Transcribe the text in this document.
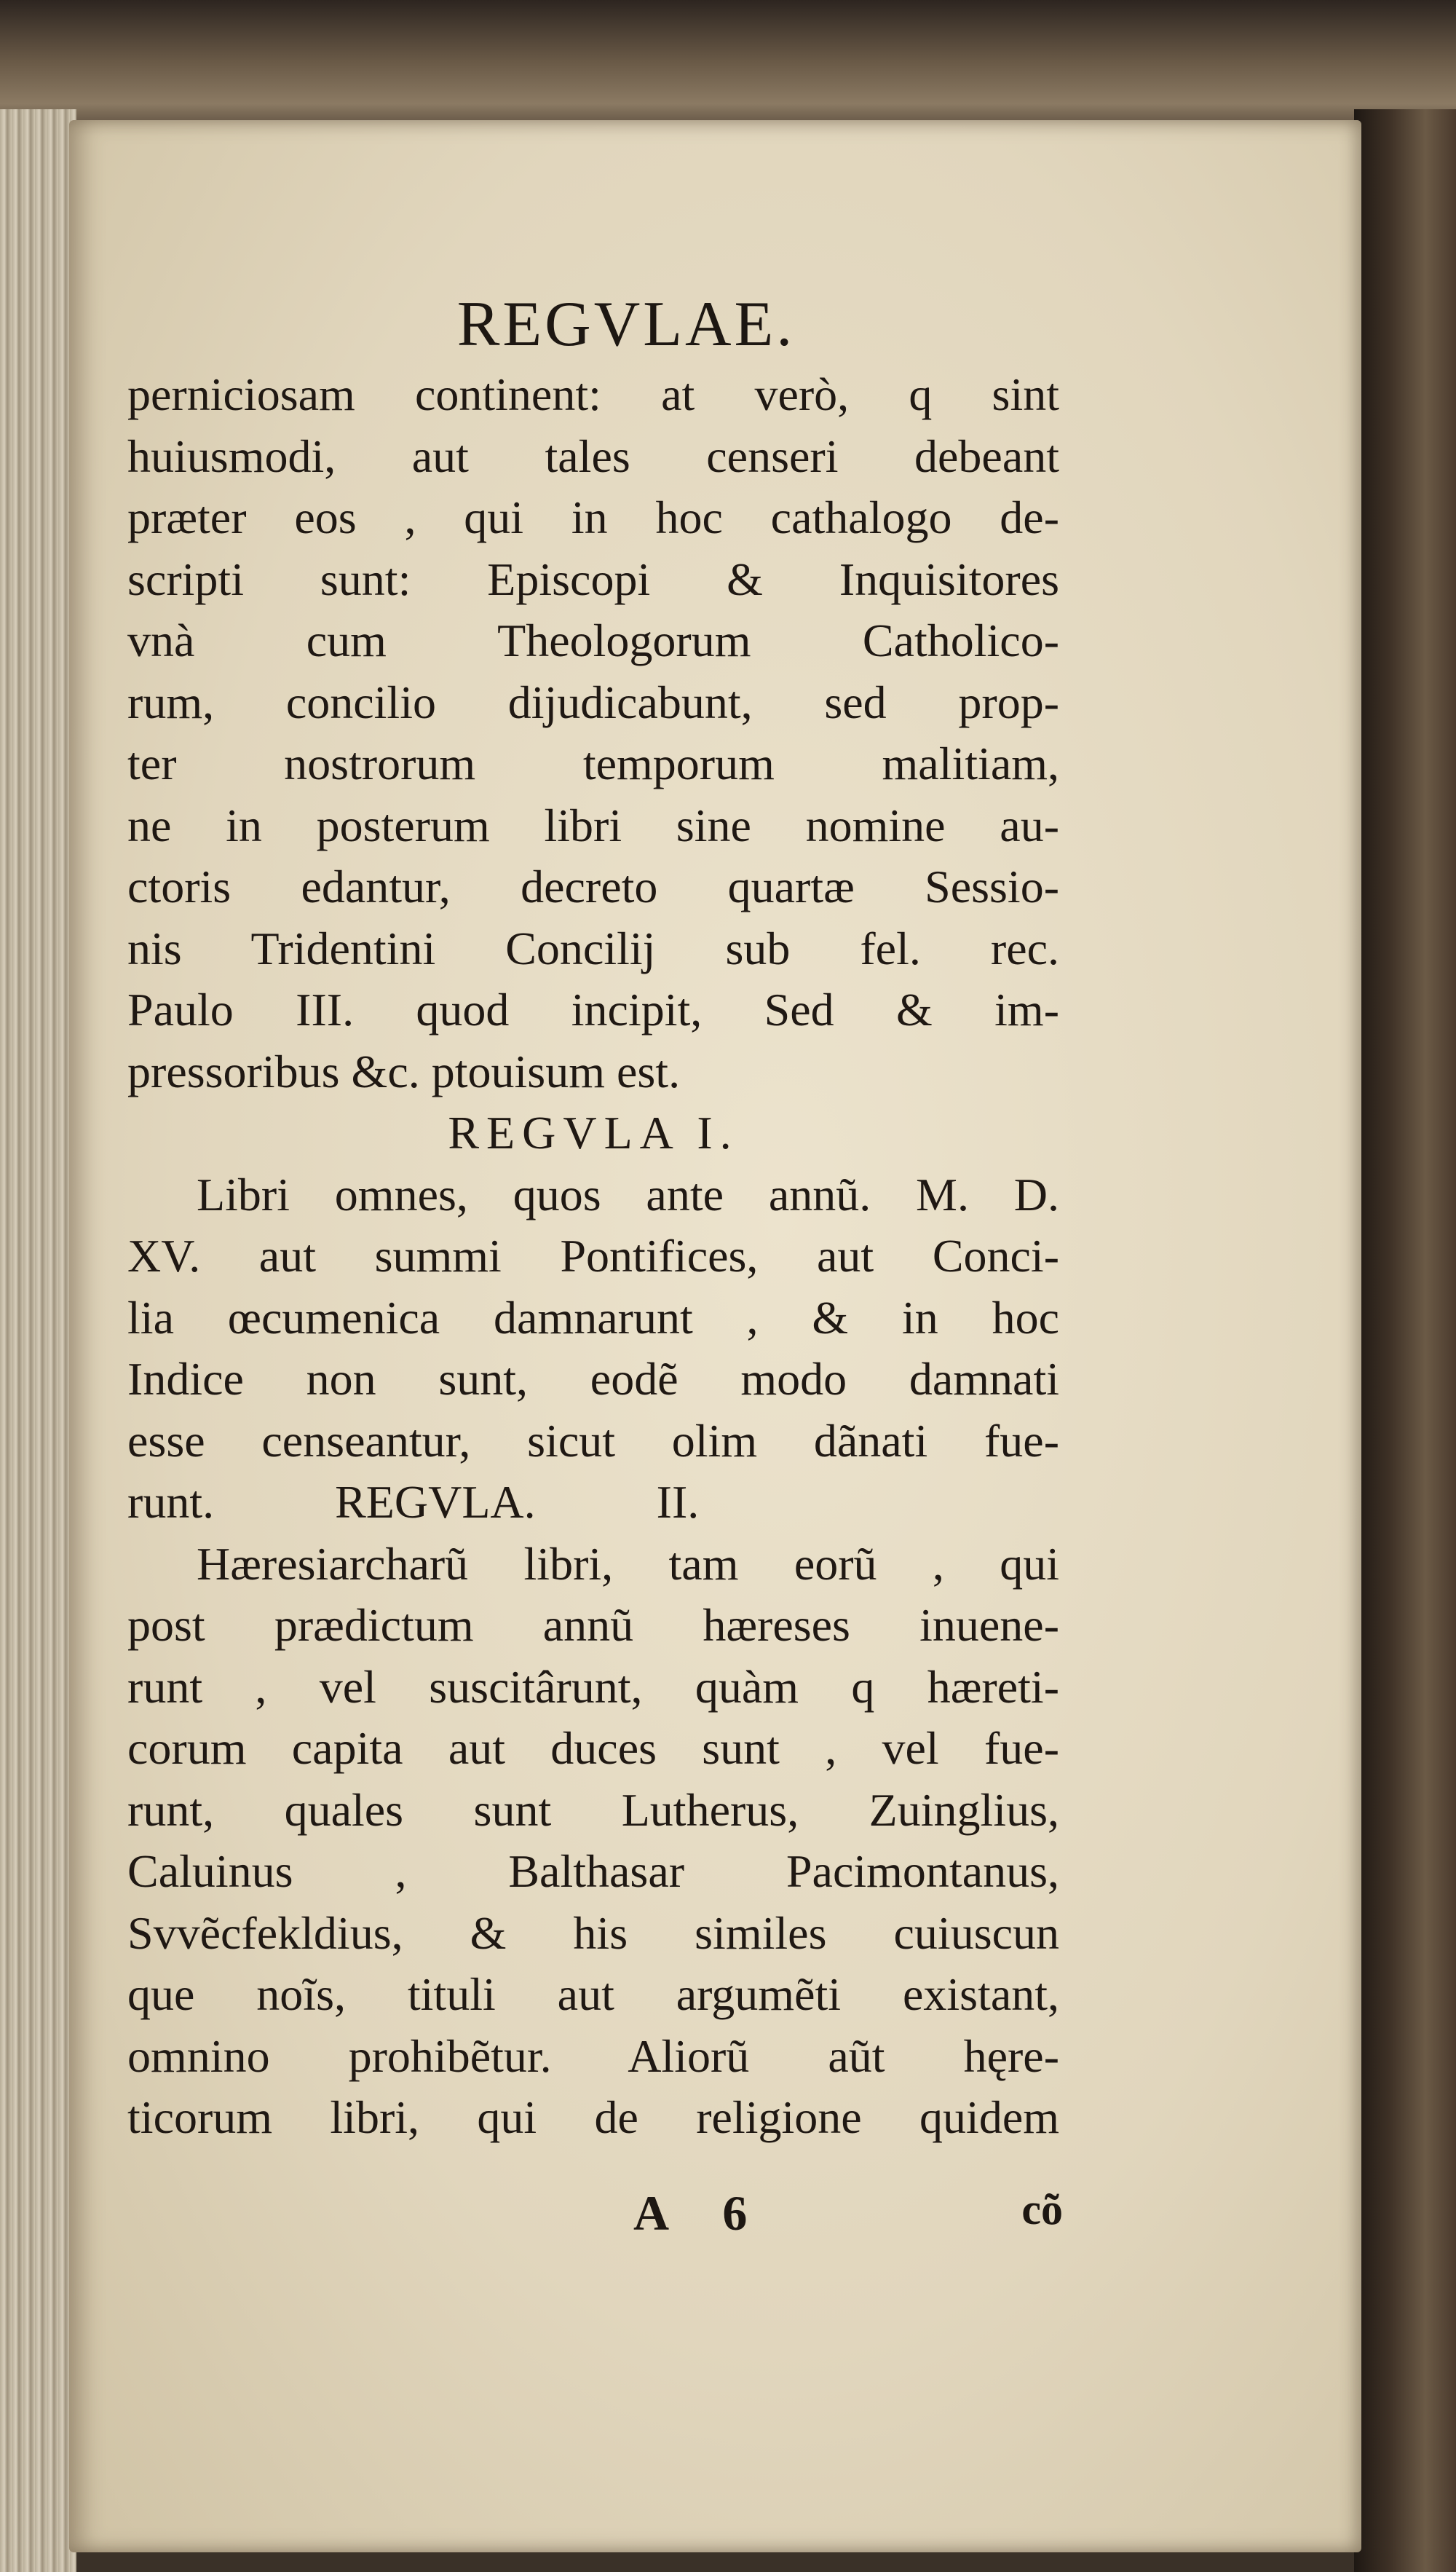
REGVLAE.
perniciosam continent: at verò, q sint
huiusmodi, aut tales censeri debeant
præter eos , qui in hoc cathalogo de-
scripti sunt: Episcopi & Inquisitores
vnà cum Theologorum Catholico-
rum, concilio dijudicabunt, sed prop-
ter nostrorum temporum malitiam,
ne in posterum libri sine nomine au-
ctoris edantur, decreto quartæ Sessio-
nis Tridentini Concilij sub fel. rec.
Paulo III. quod incipit, Sed & im-
pressoribus &c. ptouisum est.
REGVLA I.
Libri omnes, quos ante annũ. M. D.
XV. aut summi Pontifices, aut Conci-
lia œcumenica damnarunt , & in hoc
Indice non sunt, eodẽ modo damnati
esse censeantur, sicut olim dãnati fue-
runt. REGVLA. II.
Hæresiarcharũ libri, tam eorũ , qui
post prædictum annũ hæreses inuene-
runt , vel suscitârunt, quàm q hæreti-
corum capita aut duces sunt , vel fue-
runt, quales sunt Lutherus, Zuinglius,
Caluinus , Balthasar Pacimontanus,
Svvẽcfekldius, & his similes cuiuscun
que noĩs, tituli aut argumẽti existant,
omnino prohibẽtur. Aliorũ aũt hęre-
ticorum libri, qui de religione quidem
A 6	cõ
